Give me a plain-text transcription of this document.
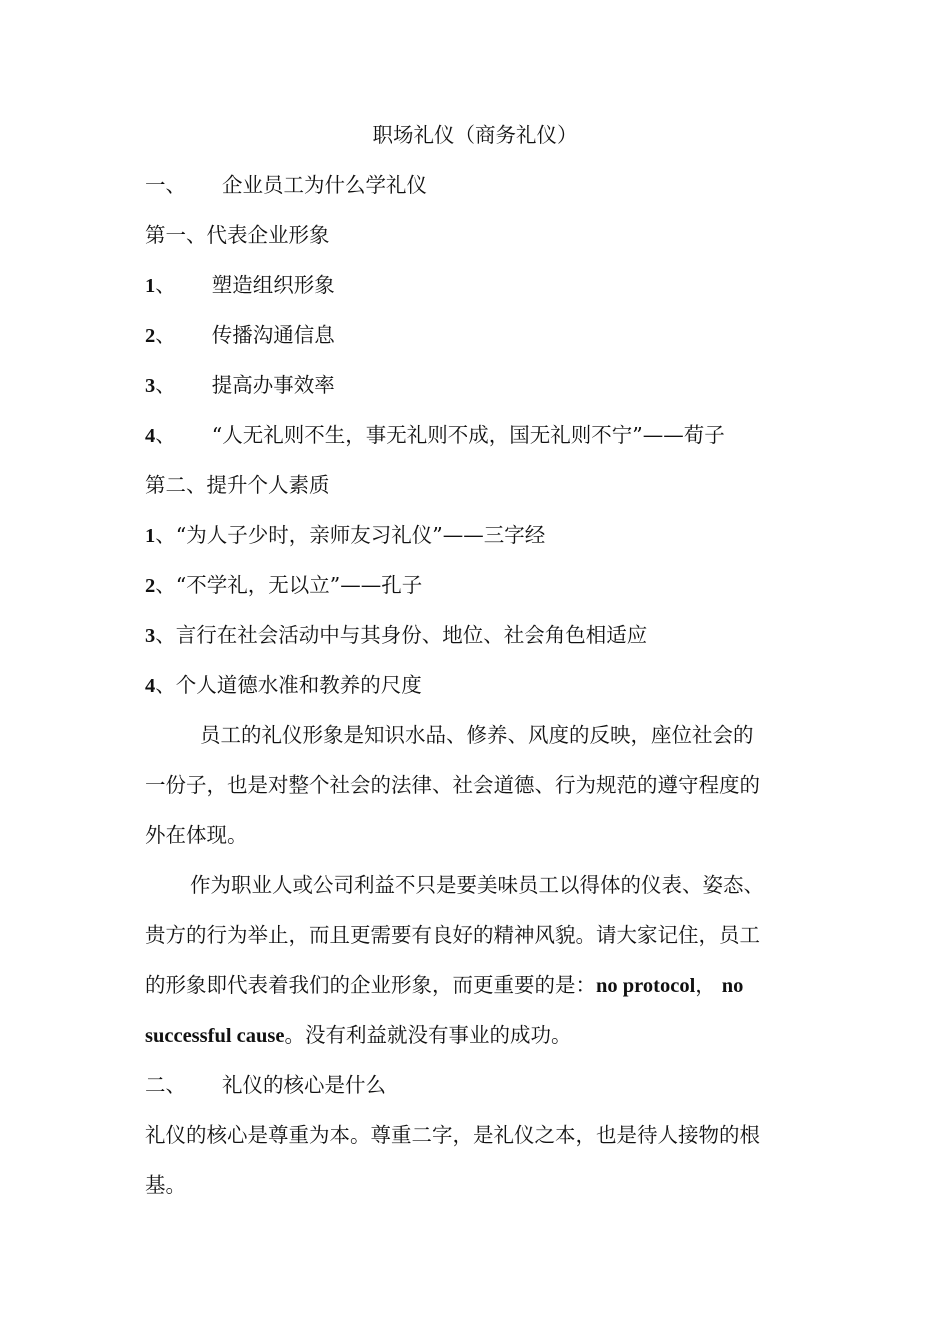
职场礼仪（商务礼仪）
一、 企业员工为什么学礼仪
第一、代表企业形象
1、 塑造组织形象
2、 传播沟通信息
3、 提高办事效率
4、 “人无礼则不生，事无礼则不成，国无礼则不宁”——荀子
第二、提升个人素质
1、“为人子少时，亲师友习礼仪”——三字经
2、“不学礼，无以立”——孔子
3、言行在社会活动中与其身份、地位、社会角色相适应
4、个人道德水准和教养的尺度
员工的礼仪形象是知识水品、修养、风度的反映，座位社会的
一份子，也是对整个社会的法律、社会道德、行为规范的遵守程度的
外在体现。
作为职业人或公司利益不只是要美味员工以得体的仪表、姿态、
贵方的行为举止，而且更需要有良好的精神风貌。请大家记住，员工
的形象即代表着我们的企业形象，而更重要的是：no protocol， no
successful cause。没有利益就没有事业的成功。
二、 礼仪的核心是什么
礼仪的核心是尊重为本。尊重二字，是礼仪之本，也是待人接物的根
基。
